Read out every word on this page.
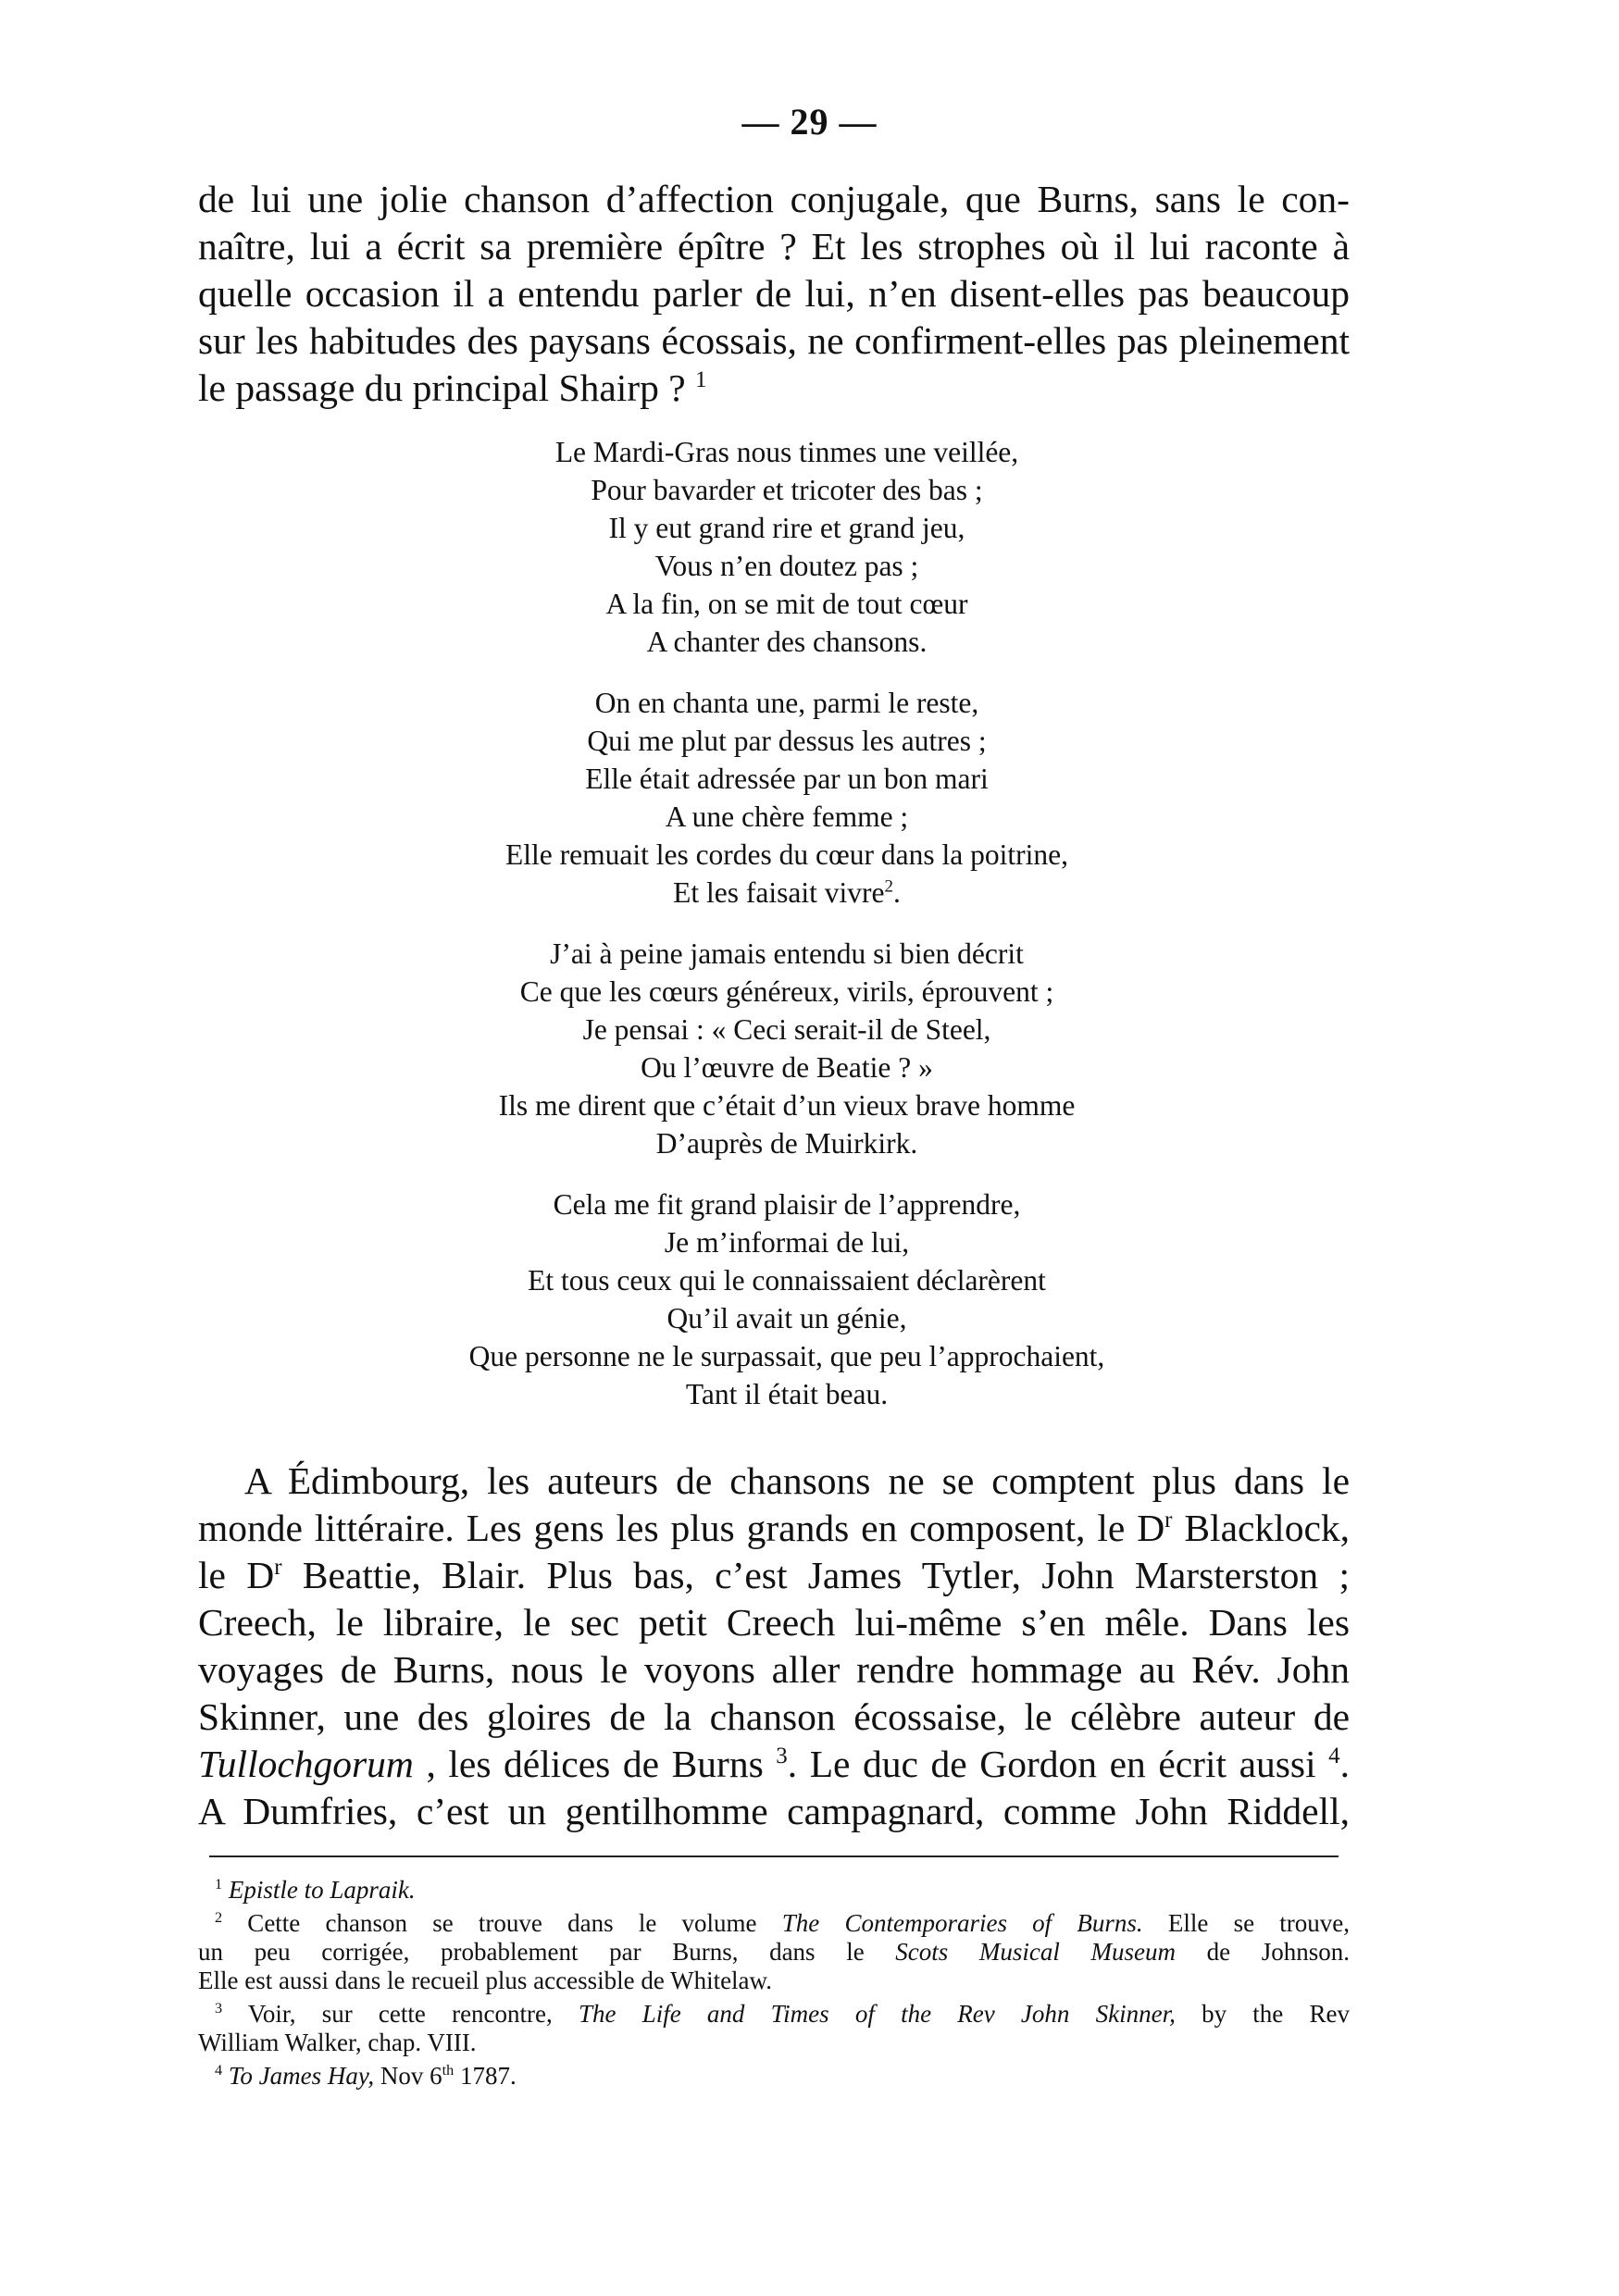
— 29 —
de lui une jolie chanson d’affection conjugale, que Burns, sans le con-
naître, lui a écrit sa première épître ? Et les strophes où il lui raconte à
quelle occasion il a entendu parler de lui, n’en disent-elles pas beaucoup
sur les habitudes des paysans écossais, ne confirment-elles pas pleinement
le passage du principal Shairp ? $^1$
Le Mardi-Gras nous tinmes une veillée,
Pour bavarder et tricoter des bas ;
Il y eut grand rire et grand jeu,
Vous n’en doutez pas ;
A la fin, on se mit de tout cœur
A chanter des chansons.
On en chanta une, parmi le reste,
Qui me plut par dessus les autres ;
Elle était adressée par un bon mari
A une chère femme ;
Elle remuait les cordes du cœur dans la poitrine,
Et les faisait vivre$^2$.
J’ai à peine jamais entendu si bien décrit
Ce que les cœurs généreux, virils, éprouvent ;
Je pensai : « Ceci serait-il de Steel,
Ou l’œuvre de Beatie ? »
Ils me dirent que c’était d’un vieux brave homme
D’auprès de Muirkirk.
Cela me fit grand plaisir de l’apprendre,
Je m’informai de lui,
Et tous ceux qui le connaissaient déclarèrent
Qu’il avait un génie,
Que personne ne le surpassait, que peu l’approchaient,
Tant il était beau.
A Édimbourg, les auteurs de chansons ne se comptent plus dans le
monde littéraire. Les gens les plus grands en composent, le $D^r$ Blacklock,
le $D^r$ Beattie, Blair. Plus bas, c’est James Tytler, John Marsterston ;
Creech, le libraire, le sec petit Creech lui-même s’en mêle. Dans les
voyages de Burns, nous le voyons aller rendre hommage au Rév. John
Skinner, une des gloires de la chanson écossaise, le célèbre auteur de
Tullochgorum , les délices de Burns $^3$. Le duc de Gordon en écrit aussi $^4$.
A Dumfries, c’est un gentilhomme campagnard, comme John Riddell,
$^1$ Epistle to Lapraik.
$^2$ Cette chanson se trouve dans le volume The Contemporaries of Burns. Elle se trouve,
un peu corrigée, probablement par Burns, dans le Scots Musical Museum de Johnson.
Elle est aussi dans le recueil plus accessible de Whitelaw.
$^3$ Voir, sur cette rencontre, The Life and Times of the Rev John Skinner, by the Rev
William Walker, chap. VIII.
$^4$ To James Hay, Nov 6th 1787.
